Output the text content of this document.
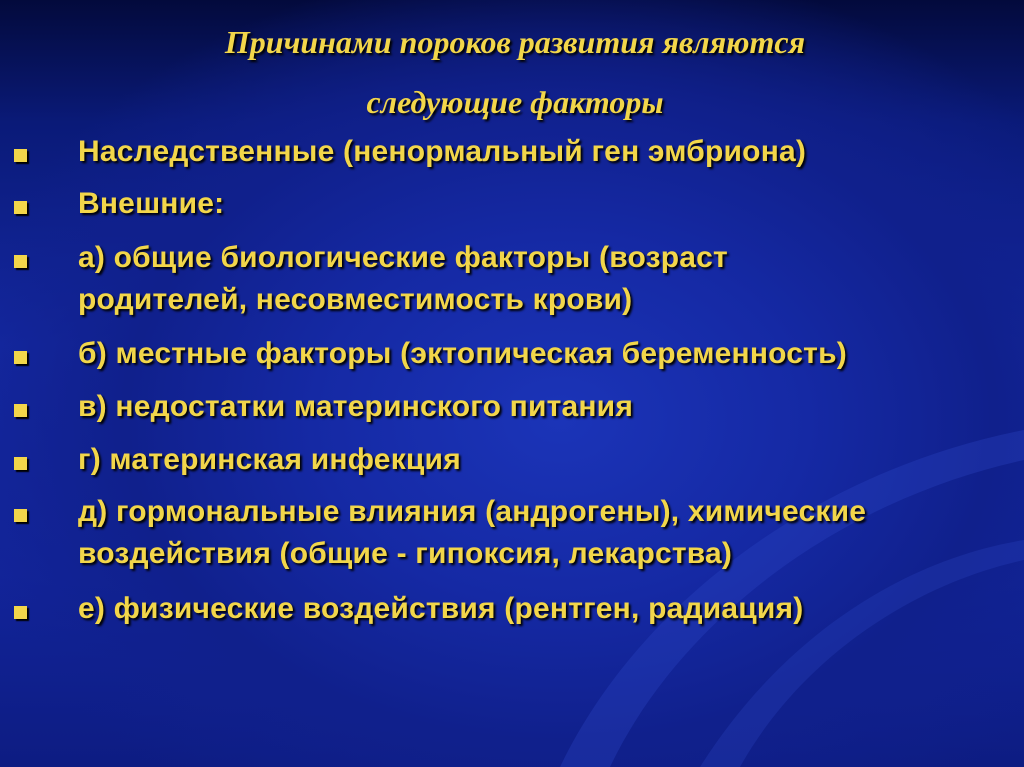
Причинами пороков развития являются
следующие факторы
Наследственные (ненормальный ген эмбриона)
Внешние:
а) общие биологические факторы (возраст
родителей, несовместимость крови)
б) местные факторы (эктопическая беременность)
в) недостатки материнского питания
г) материнская инфекция
д) гормональные влияния (андрогены), химические
воздействия (общие - гипоксия, лекарства)
е) физические воздействия (рентген, радиация)
